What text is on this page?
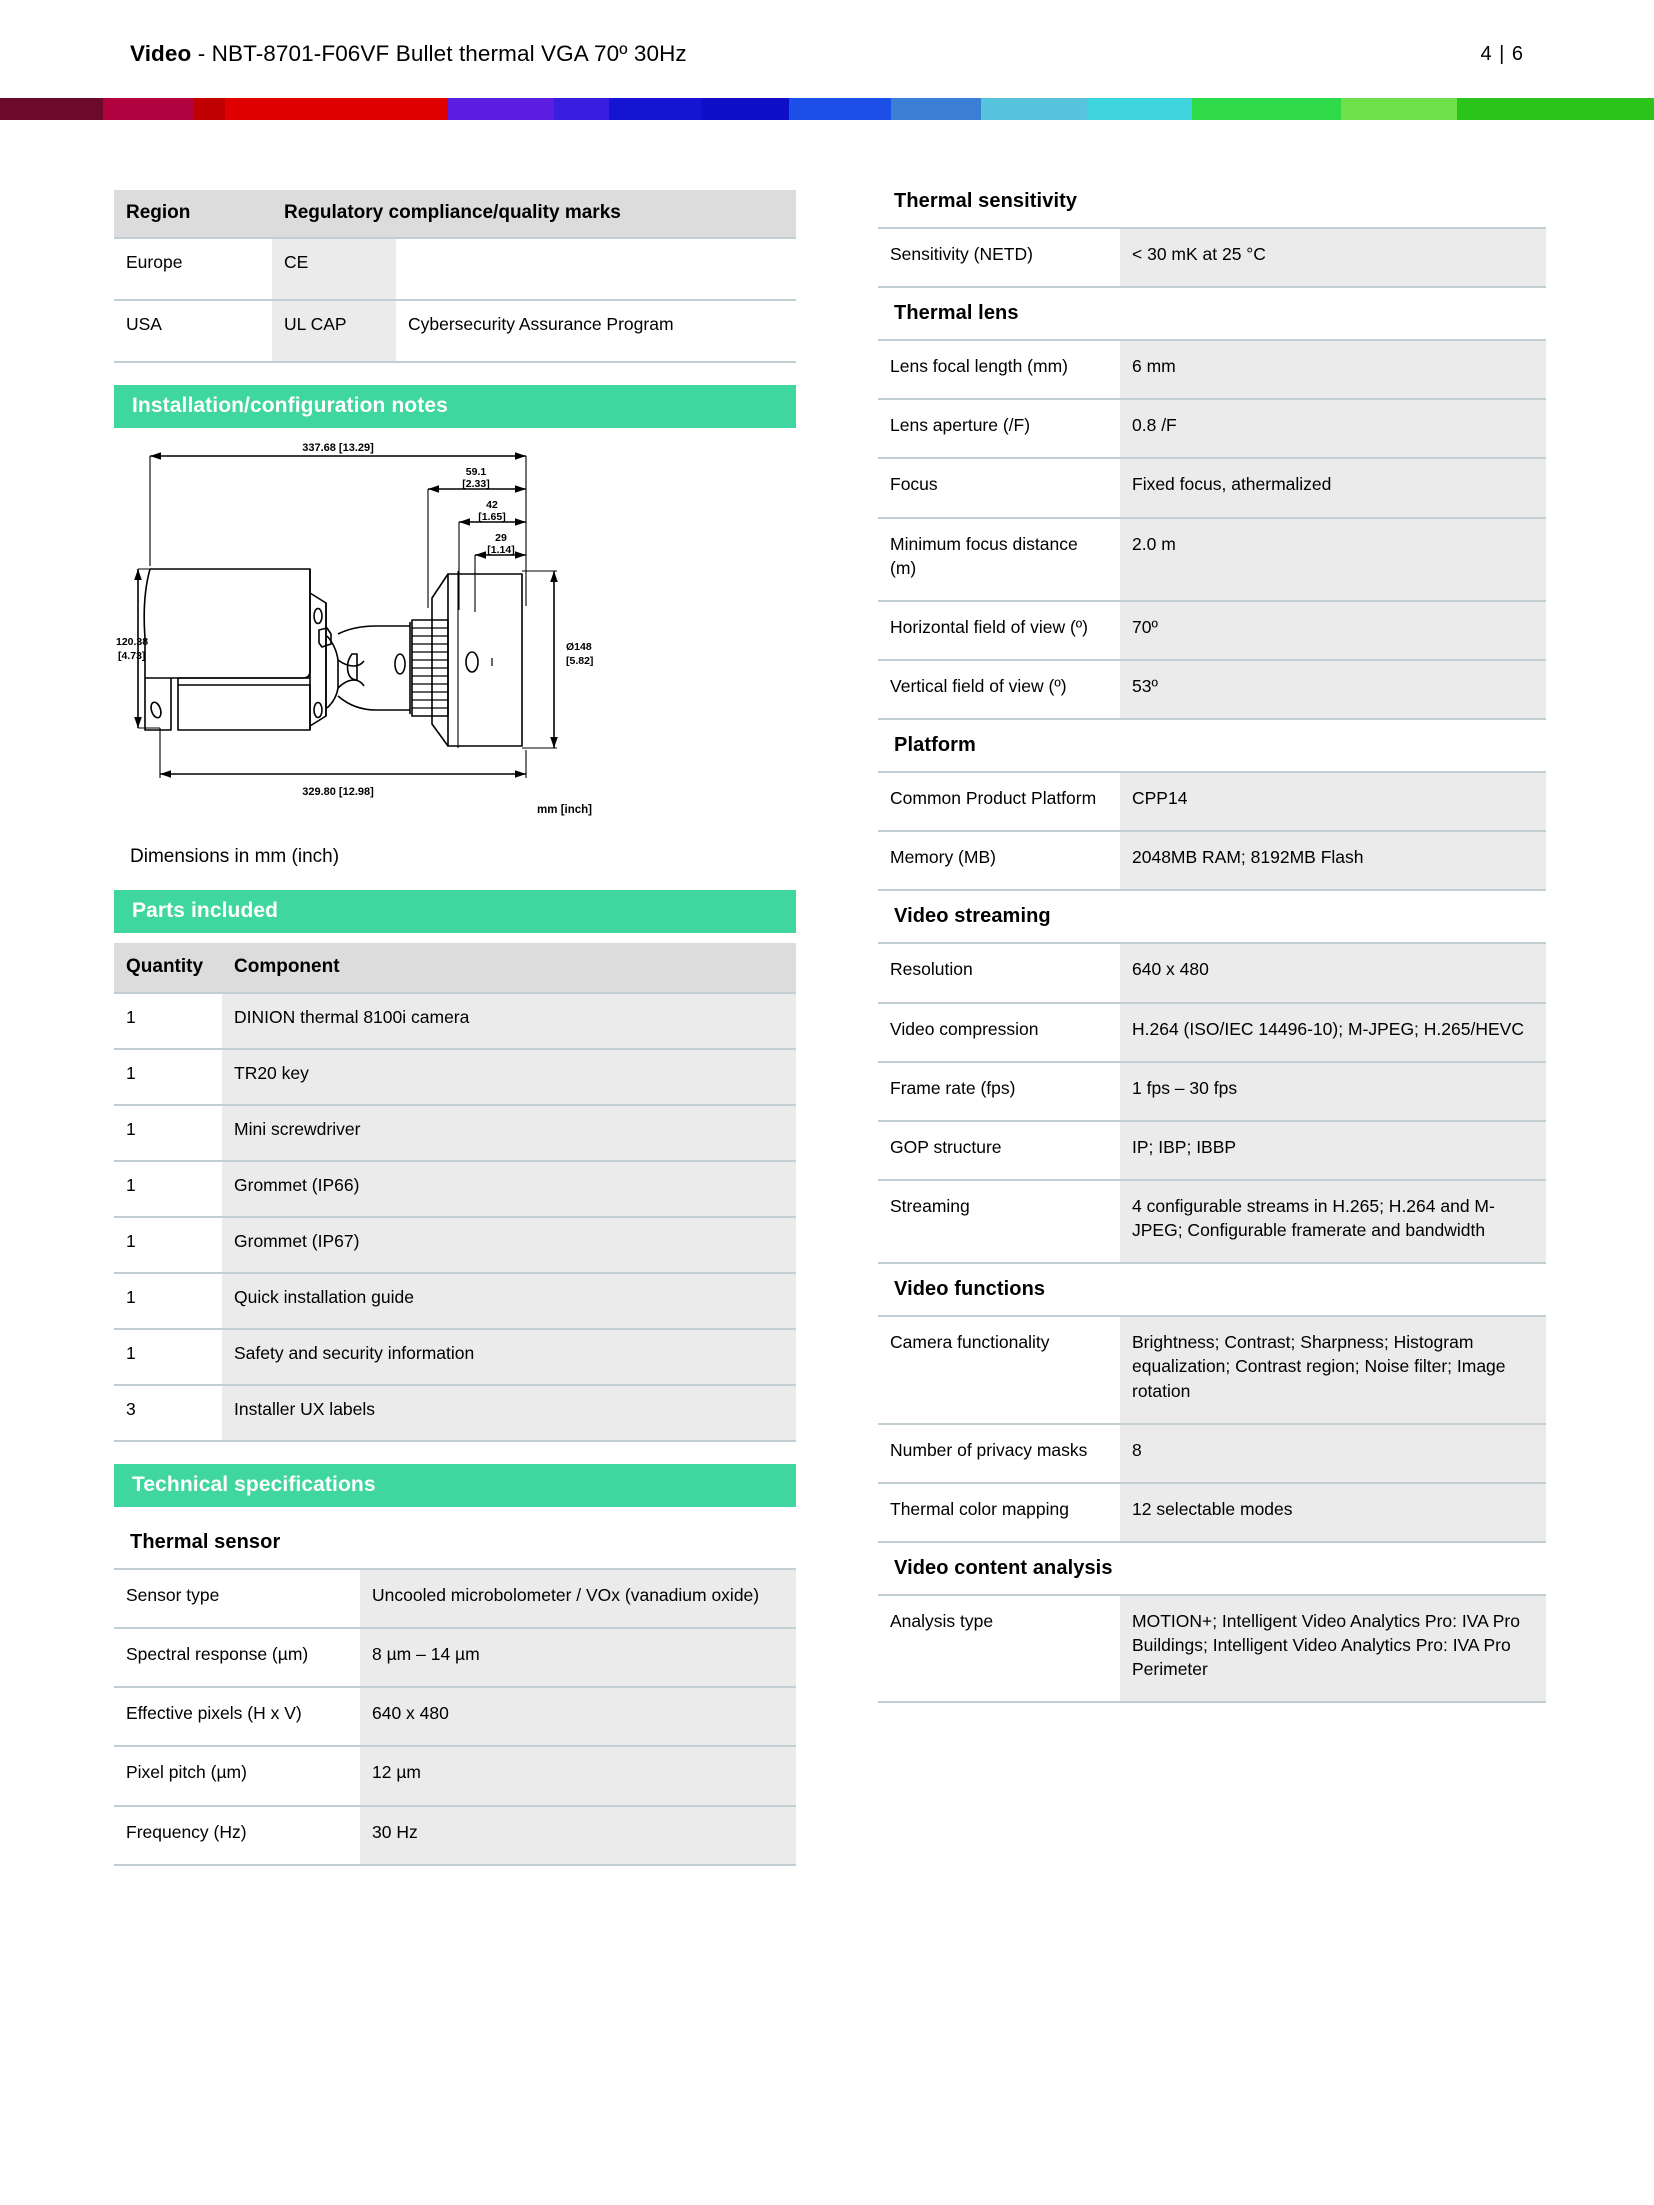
Video - NBT-8701-F06VF Bullet thermal VGA 70º 30Hz	4 | 6
Region	Regulatory compliance/quality marks	
Europe	CE	
USA	UL CAP	Cybersecurity Assurance Program
Installation/configuration notes
337.68 [13.29]
59.1
[2.33]
42
[1.65]
29
[1.14]
120.38
[4.73]
Ø148
[5.82]
329.80 [12.98]
mm [inch]
Dimensions in mm (inch)
Parts included
Quantity	Component
1	DINION thermal 8100i camera
1	TR20 key
1	Mini screwdriver
1	Grommet (IP66)
1	Grommet (IP67)
1	Quick installation guide
1	Safety and security information
3	Installer UX labels
Technical specifications
Thermal sensor
Sensor type	Uncooled microbolometer / VOx (vanadium oxide)
Spectral response (µm)	8 µm – 14 µm
Effective pixels (H x V)	640 x 480
Pixel pitch (µm)	12 µm
Frequency (Hz)	30 Hz
Thermal sensitivity
Sensitivity (NETD)	< 30 mK at 25 °C
Thermal lens
Lens focal length (mm)	6 mm
Lens aperture (/F)	0.8 /F
Focus	Fixed focus, athermalized
Minimum focus distance (m)	2.0 m
Horizontal field of view (º)	70º
Vertical field of view (º)	53º
Platform
Common Product Platform	CPP14
Memory (MB)	2048MB RAM; 8192MB Flash
Video streaming
Resolution	640 x 480
Video compression	H.264 (ISO/IEC 14496-10); M-JPEG; H.265/HEVC
Frame rate (fps)	1 fps – 30 fps
GOP structure	IP; IBP; IBBP
Streaming	4 configurable streams in H.265; H.264 and M-JPEG; Configurable framerate and bandwidth
Video functions
Camera functionality	Brightness; Contrast; Sharpness; Histogram equalization; Contrast region; Noise filter; Image rotation
Number of privacy masks	8
Thermal color mapping	12 selectable modes
Video content analysis
Analysis type	MOTION+; Intelligent Video Analytics Pro: IVA Pro Buildings; Intelligent Video Analytics Pro: IVA Pro Perimeter
